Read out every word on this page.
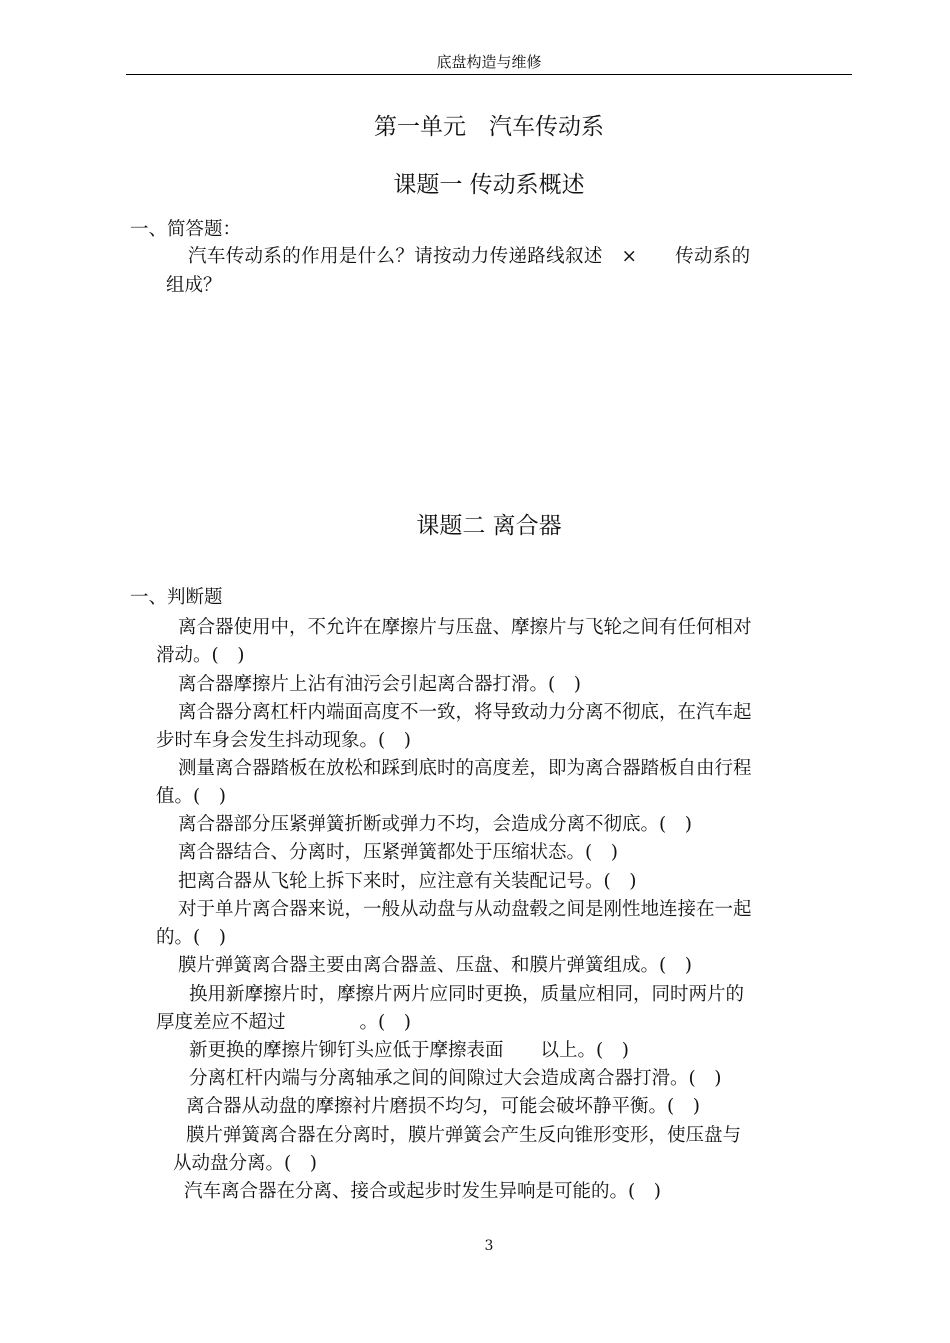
底盘构造与维修
第一单元　汽车传动系
课题一 传动系概述
一、简答题：
汽车传动系的作用是什么？请按动力传递路线叙述　×　　传动系的
组成？
课题二 离合器
一、判断题
离合器使用中，不允许在摩擦片与压盘、摩擦片与飞轮之间有任何相对
滑动。(　)
离合器摩擦片上沾有油污会引起离合器打滑。(　)
离合器分离杠杆内端面高度不一致，将导致动力分离不彻底，在汽车起
步时车身会发生抖动现象。(　)
测量离合器踏板在放松和踩到底时的高度差，即为离合器踏板自由行程
值。(　)
离合器部分压紧弹簧折断或弹力不均，会造成分离不彻底。(　)
离合器结合、分离时，压紧弹簧都处于压缩状态。(　)
把离合器从飞轮上拆下来时，应注意有关装配记号。(　)
对于单片离合器来说，一般从动盘与从动盘毂之间是刚性地连接在一起
的。(　)
膜片弹簧离合器主要由离合器盖、压盘、和膜片弹簧组成。(　)
换用新摩擦片时，摩擦片两片应同时更换，质量应相同，同时两片的
厚度差应不超过　　　　。(　)
新更换的摩擦片铆钉头应低于摩擦表面　　以上。(　)
分离杠杆内端与分离轴承之间的间隙过大会造成离合器打滑。(　)
离合器从动盘的摩擦衬片磨损不均匀，可能会破坏静平衡。(　)
膜片弹簧离合器在分离时，膜片弹簧会产生反向锥形变形，使压盘与
从动盘分离。(　)
汽车离合器在分离、接合或起步时发生异响是可能的。(　)
3
